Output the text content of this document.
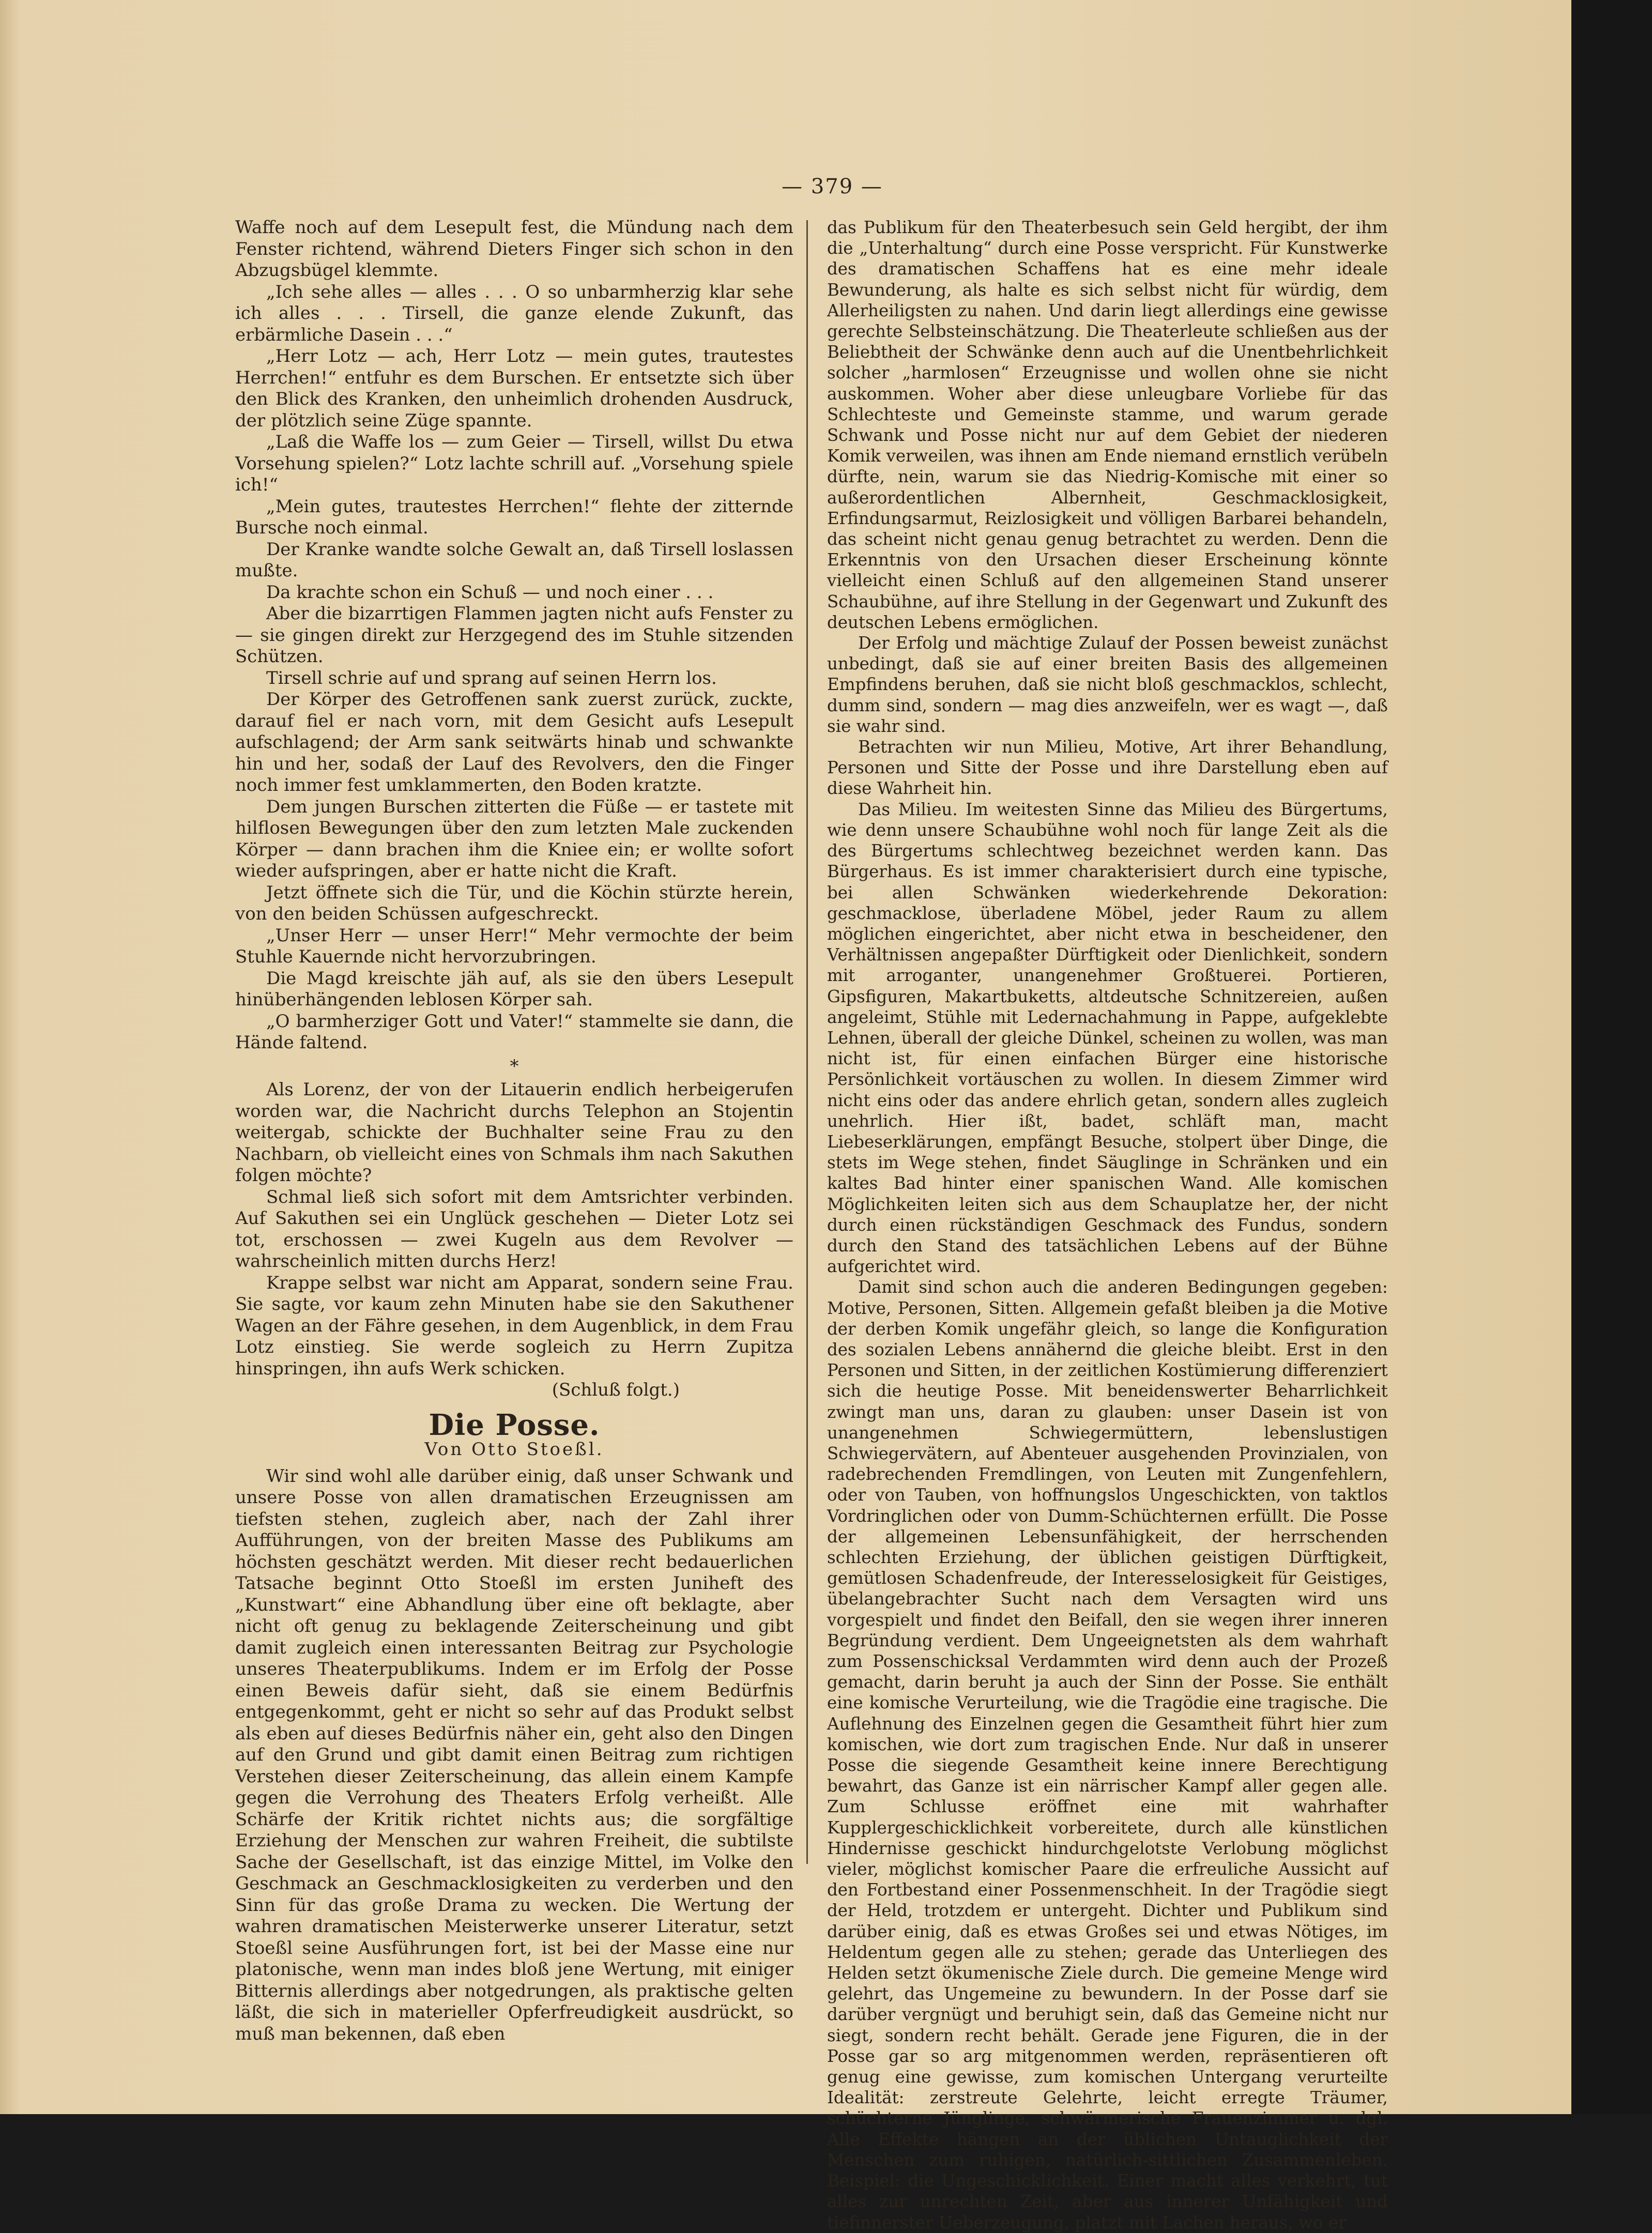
— 379 —

Waffe noch auf dem Lesepult fest, die Mündung nach dem Fenster richtend, während Dieters Finger sich schon in den Abzugsbügel klemmte.

„Ich sehe alles — alles . . . O so unbarmherzig klar sehe ich alles . . . Tirsell, die ganze elende Zukunft, das erbärmliche Dasein . . .“

„Herr Lotz — ach, Herr Lotz — mein gutes, trautestes Herrchen!“ entfuhr es dem Burschen. Er entsetzte sich über den Blick des Kranken, den unheimlich drohenden Ausdruck, der plötzlich seine Züge spannte.

„Laß die Waffe los — zum Geier — Tirsell, willst Du etwa Vorsehung spielen?“ Lotz lachte schrill auf. „Vorsehung spiele ich!“

„Mein gutes, trautestes Herrchen!“ flehte der zitternde Bursche noch einmal.

Der Kranke wandte solche Gewalt an, daß Tirsell loslassen mußte.

Da krachte schon ein Schuß — und noch einer . . .

Aber die bizarrtigen Flammen jagten nicht aufs Fenster zu — sie gingen direkt zur Herzgegend des im Stuhle sitzenden Schützen.

Tirsell schrie auf und sprang auf seinen Herrn los.

Der Körper des Getroffenen sank zuerst zurück, zuckte, darauf fiel er nach vorn, mit dem Gesicht aufs Lesepult aufschlagend; der Arm sank seitwärts hinab und schwankte hin und her, sodaß der Lauf des Revolvers, den die Finger noch immer fest umklammerten, den Boden kratzte.

Dem jungen Burschen zitterten die Füße — er tastete mit hilflosen Bewegungen über den zum letzten Male zuckenden Körper — dann brachen ihm die Kniee ein; er wollte sofort wieder aufspringen, aber er hatte nicht die Kraft.

Jetzt öffnete sich die Tür, und die Köchin stürzte herein, von den beiden Schüssen aufgeschreckt.

„Unser Herr — unser Herr!“ Mehr vermochte der beim Stuhle Kauernde nicht hervorzubringen.

Die Magd kreischte jäh auf, als sie den übers Lesepult hinüberhängenden leblosen Körper sah.

„O barmherziger Gott und Vater!“ stammelte sie dann, die Hände faltend.

*

Als Lorenz, der von der Litauerin endlich herbeigerufen worden war, die Nachricht durchs Telephon an Stojentin weitergab, schickte der Buchhalter seine Frau zu den Nachbarn, ob vielleicht eines von Schmals ihm nach Sakuthen folgen möchte?

Schmal ließ sich sofort mit dem Amtsrichter verbinden. Auf Sakuthen sei ein Unglück geschehen — Dieter Lotz sei tot, erschossen — zwei Kugeln aus dem Revolver — wahrscheinlich mitten durchs Herz!

Krappe selbst war nicht am Apparat, sondern seine Frau. Sie sagte, vor kaum zehn Minuten habe sie den Sakuthener Wagen an der Fähre gesehen, in dem Augenblick, in dem Frau Lotz einstieg. Sie werde sogleich zu Herrn Zupitza hinspringen, ihn aufs Werk schicken.

(Schluß folgt.)

Die Posse.
Von Otto Stoeßl.

Wir sind wohl alle darüber einig, daß unser Schwank und unsere Posse von allen dramatischen Erzeugnissen am tiefsten stehen, zugleich aber, nach der Zahl ihrer Aufführungen, von der breiten Masse des Publikums am höchsten geschätzt werden. Mit dieser recht bedauerlichen Tatsache beginnt Otto Stoeßl im ersten Juniheft des „Kunstwart“ eine Abhandlung über eine oft beklagte, aber nicht oft genug zu beklagende Zeiterscheinung und gibt damit zugleich einen interessanten Beitrag zur Psychologie unseres Theaterpublikums. Indem er im Erfolg der Posse einen Beweis dafür sieht, daß sie einem Bedürfnis entgegenkommt, geht er nicht so sehr auf das Produkt selbst als eben auf dieses Bedürfnis näher ein, geht also den Dingen auf den Grund und gibt damit einen Beitrag zum richtigen Verstehen dieser Zeiterscheinung, das allein einem Kampfe gegen die Verrohung des Theaters Erfolg verheißt. Alle Schärfe der Kritik richtet nichts aus; die sorgfältige Erziehung der Menschen zur wahren Freiheit, die subtilste Sache der Gesellschaft, ist das einzige Mittel, im Volke den Geschmack an Geschmacklosigkeiten zu verderben und den Sinn für das große Drama zu wecken. Die Wertung der wahren dramatischen Meisterwerke unserer Literatur, setzt Stoeßl seine Ausführungen fort, ist bei der Masse eine nur platonische, wenn man indes bloß jene Wertung, mit einiger Bitternis allerdings aber notgedrungen, als praktische gelten läßt, die sich in materieller Opferfreudigkeit ausdrückt, so muß man bekennen, daß eben

das Publikum für den Theaterbesuch sein Geld hergibt, der ihm die „Unterhaltung“ durch eine Posse verspricht. Für Kunstwerke des dramatischen Schaffens hat es eine mehr ideale Bewunderung, als halte es sich selbst nicht für würdig, dem Allerheiligsten zu nahen. Und darin liegt allerdings eine gewisse gerechte Selbsteinschätzung. Die Theaterleute schließen aus der Beliebtheit der Schwänke denn auch auf die Unentbehrlichkeit solcher „harmlosen“ Erzeugnisse und wollen ohne sie nicht auskommen. Woher aber diese unleugbare Vorliebe für das Schlechteste und Gemeinste stamme, und warum gerade Schwank und Posse nicht nur auf dem Gebiet der niederen Komik verweilen, was ihnen am Ende niemand ernstlich verübeln dürfte, nein, warum sie das Niedrig-Komische mit einer so außerordentlichen Albernheit, Geschmacklosigkeit, Erfindungsarmut, Reizlosigkeit und völligen Barbarei behandeln, das scheint nicht genau genug betrachtet zu werden. Denn die Erkenntnis von den Ursachen dieser Erscheinung könnte vielleicht einen Schluß auf den allgemeinen Stand unserer Schaubühne, auf ihre Stellung in der Gegenwart und Zukunft des deutschen Lebens ermöglichen.

Der Erfolg und mächtige Zulauf der Possen beweist zunächst unbedingt, daß sie auf einer breiten Basis des allgemeinen Empfindens beruhen, daß sie nicht bloß geschmacklos, schlecht, dumm sind, sondern — mag dies anzweifeln, wer es wagt —, daß sie wahr sind.

Betrachten wir nun Milieu, Motive, Art ihrer Behandlung, Personen und Sitte der Posse und ihre Darstellung eben auf diese Wahrheit hin.

Das Milieu. Im weitesten Sinne das Milieu des Bürgertums, wie denn unsere Schaubühne wohl noch für lange Zeit als die des Bürgertums schlechtweg bezeichnet werden kann. Das Bürgerhaus. Es ist immer charakterisiert durch eine typische, bei allen Schwänken wiederkehrende Dekoration: geschmacklose, überladene Möbel, jeder Raum zu allem möglichen eingerichtet, aber nicht etwa in bescheidener, den Verhältnissen angepaßter Dürftigkeit oder Dienlichkeit, sondern mit arroganter, unangenehmer Großtuerei. Portieren, Gipsfiguren, Makartbuketts, altdeutsche Schnitzereien, außen angeleimt, Stühle mit Ledernachahmung in Pappe, aufgeklebte Lehnen, überall der gleiche Dünkel, scheinen zu wollen, was man nicht ist, für einen einfachen Bürger eine historische Persönlichkeit vortäuschen zu wollen. In diesem Zimmer wird nicht eins oder das andere ehrlich getan, sondern alles zugleich unehrlich. Hier ißt, badet, schläft man, macht Liebeserklärungen, empfängt Besuche, stolpert über Dinge, die stets im Wege stehen, findet Säuglinge in Schränken und ein kaltes Bad hinter einer spanischen Wand. Alle komischen Möglichkeiten leiten sich aus dem Schauplatze her, der nicht durch einen rückständigen Geschmack des Fundus, sondern durch den Stand des tatsächlichen Lebens auf der Bühne aufgerichtet wird.

Damit sind schon auch die anderen Bedingungen gegeben: Motive, Personen, Sitten. Allgemein gefaßt bleiben ja die Motive der derben Komik ungefähr gleich, so lange die Konfiguration des sozialen Lebens annähernd die gleiche bleibt. Erst in den Personen und Sitten, in der zeitlichen Kostümierung differenziert sich die heutige Posse. Mit beneidenswerter Beharrlichkeit zwingt man uns, daran zu glauben: unser Dasein ist von unangenehmen Schwiegermüttern, lebenslustigen Schwiegervätern, auf Abenteuer ausgehenden Provinzialen, von radebrechenden Fremdlingen, von Leuten mit Zungenfehlern, oder von Tauben, von hoffnungslos Ungeschickten, von taktlos Vordringlichen oder von Dumm-Schüchternen erfüllt. Die Posse der allgemeinen Lebensunfähigkeit, der herrschenden schlechten Erziehung, der üblichen geistigen Dürftigkeit, gemütlosen Schadenfreude, der Interesselosigkeit für Geistiges, übelangebrachter Sucht nach dem Versagten wird uns vorgespielt und findet den Beifall, den sie wegen ihrer inneren Begründung verdient. Dem Ungeeignetsten als dem wahrhaft zum Possenschicksal Verdammten wird denn auch der Prozeß gemacht, darin beruht ja auch der Sinn der Posse. Sie enthält eine komische Verurteilung, wie die Tragödie eine tragische. Die Auflehnung des Einzelnen gegen die Gesamtheit führt hier zum komischen, wie dort zum tragischen Ende. Nur daß in unserer Posse die siegende Gesamtheit keine innere Berechtigung bewahrt, das Ganze ist ein närrischer Kampf aller gegen alle. Zum Schlusse eröffnet eine mit wahrhafter Kupplergeschicklichkeit vorbereitete, durch alle künstlichen Hindernisse geschickt hindurchgelotste Verlobung möglichst vieler, möglichst komischer Paare die erfreuliche Aussicht auf den Fortbestand einer Possenmenschheit. In der Tragödie siegt der Held, trotzdem er untergeht. Dichter und Publikum sind darüber einig, daß es etwas Großes sei und etwas Nötiges, im Heldentum gegen alle zu stehen; gerade das Unterliegen des Helden setzt ökumenische Ziele durch. Die gemeine Menge wird gelehrt, das Ungemeine zu bewundern. In der Posse darf sie darüber vergnügt und beruhigt sein, daß das Gemeine nicht nur siegt, sondern recht behält. Gerade jene Figuren, die in der Posse gar so arg mitgenommen werden, repräsentieren oft genug eine gewisse, zum komischen Untergang verurteilte Idealität: zerstreute Gelehrte, leicht erregte Träumer, schüchterne Jünglinge, schwärmerische Frauenzimmer u. dgl. Alle Effekte hängen an der üblichen Untauglichkeit der Menschen zum ruhigen, natürlich-sittlichen Zusammenleben. Beispiel: die Ungeschicklichkeit. Einer macht alles verkehrt, tut alles zur unrechten Zeit, aber aus innerer Unfähigkeit und tiefinnerster Ueberzeugung, platzt mit Lachen heraus, wo er
